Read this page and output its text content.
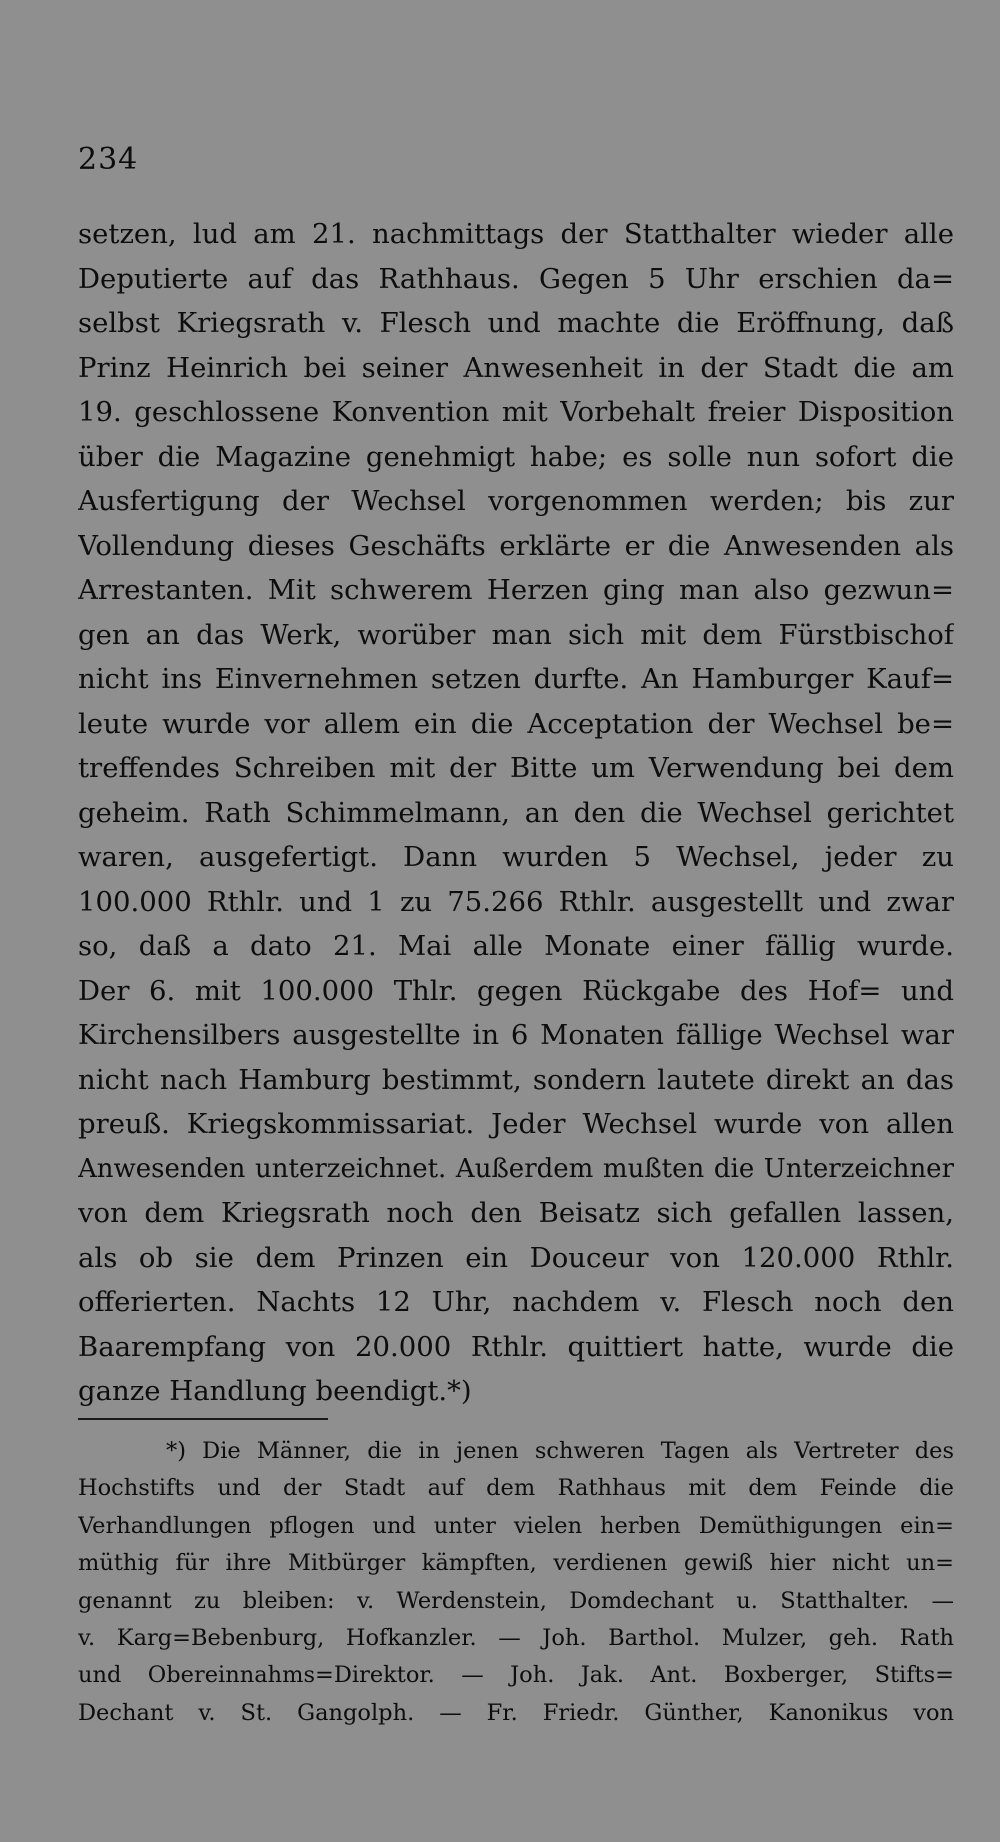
234
setzen, lud am 21. nachmittags der Statthalter wieder alle
Deputierte auf das Rathhaus. Gegen 5 Uhr erschien da=
selbst Kriegsrath v. Flesch und machte die Eröffnung, daß
Prinz Heinrich bei seiner Anwesenheit in der Stadt die am
19. geschlossene Konvention mit Vorbehalt freier Disposition
über die Magazine genehmigt habe; es solle nun sofort die
Ausfertigung der Wechsel vorgenommen werden; bis zur
Vollendung dieses Geschäfts erklärte er die Anwesenden als
Arrestanten. Mit schwerem Herzen ging man also gezwun=
gen an das Werk, worüber man sich mit dem Fürstbischof
nicht ins Einvernehmen setzen durfte. An Hamburger Kauf=
leute wurde vor allem ein die Acceptation der Wechsel be=
treffendes Schreiben mit der Bitte um Verwendung bei dem
geheim. Rath Schimmelmann, an den die Wechsel gerichtet
waren, ausgefertigt. Dann wurden 5 Wechsel, jeder zu
100.000 Rthlr. und 1 zu 75.266 Rthlr. ausgestellt und zwar
so, daß a dato 21. Mai alle Monate einer fällig wurde.
Der 6. mit 100.000 Thlr. gegen Rückgabe des Hof= und
Kirchensilbers ausgestellte in 6 Monaten fällige Wechsel war
nicht nach Hamburg bestimmt, sondern lautete direkt an das
preuß. Kriegskommissariat. Jeder Wechsel wurde von allen
Anwesenden unterzeichnet. Außerdem mußten die Unterzeichner
von dem Kriegsrath noch den Beisatz sich gefallen lassen,
als ob sie dem Prinzen ein Douceur von 120.000 Rthlr.
offerierten. Nachts 12 Uhr, nachdem v. Flesch noch den
Baarempfang von 20.000 Rthlr. quittiert hatte, wurde die
ganze Handlung beendigt.*)
*) Die Männer, die in jenen schweren Tagen als Vertreter des
Hochstifts und der Stadt auf dem Rathhaus mit dem Feinde die
Verhandlungen pflogen und unter vielen herben Demüthigungen ein=
müthig für ihre Mitbürger kämpften, verdienen gewiß hier nicht un=
genannt zu bleiben: v. Werdenstein, Domdechant u. Statthalter. —
v. Karg=Bebenburg, Hofkanzler. — Joh. Barthol. Mulzer, geh. Rath
und Obereinnahms=Direktor. — Joh. Jak. Ant. Boxberger, Stifts=
Dechant v. St. Gangolph. — Fr. Friedr. Günther, Kanonikus von
